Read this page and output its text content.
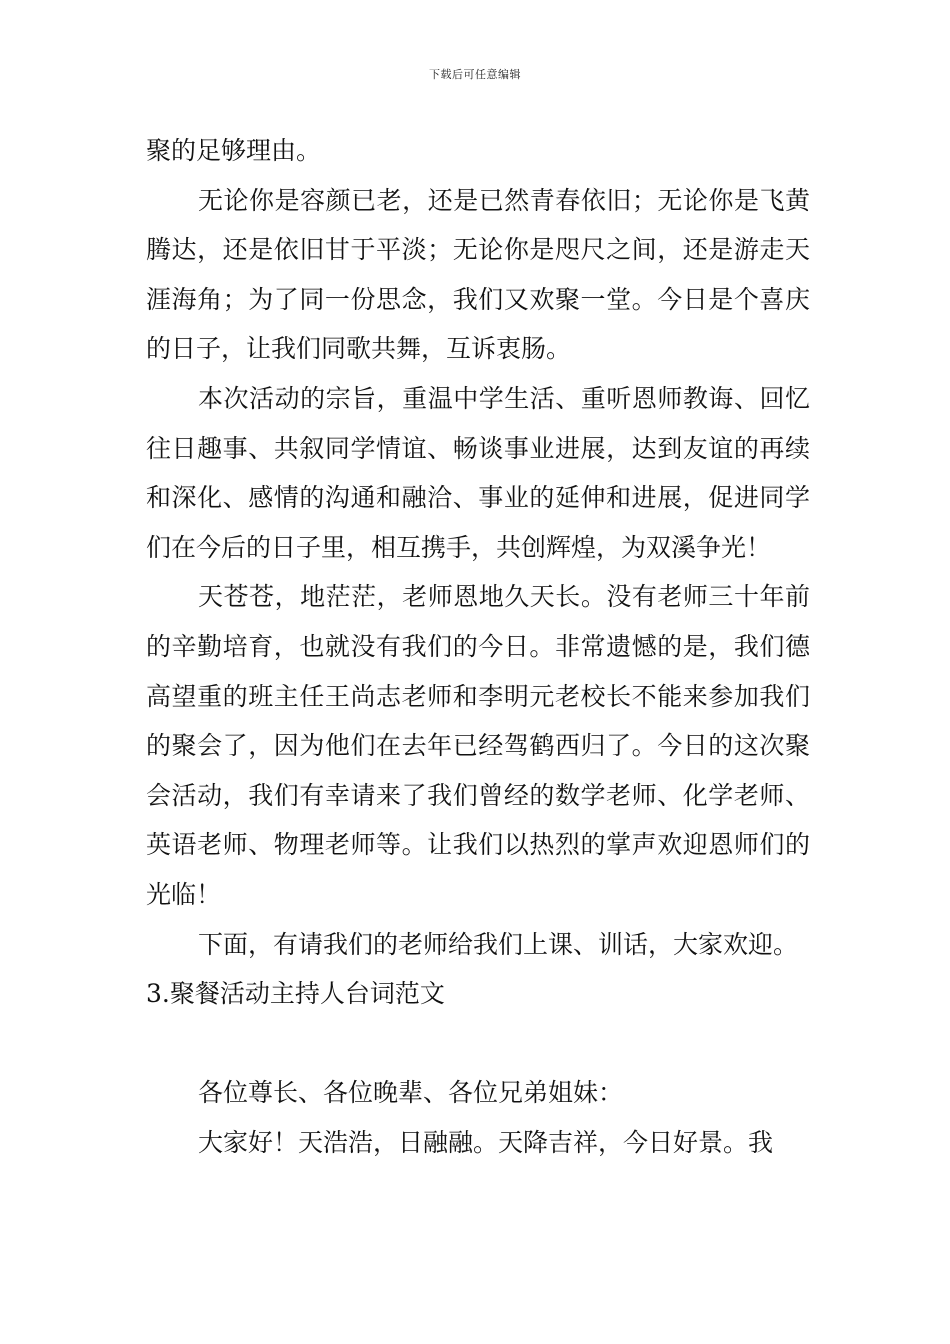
下载后可任意编辑

聚的足够理由。

无论你是容颜已老，还是已然青春依旧；无论你是飞黄腾达，还是依旧甘于平淡；无论你是咫尺之间，还是游走天涯海角；为了同一份思念，我们又欢聚一堂。今日是个喜庆的日子，让我们同歌共舞，互诉衷肠。

本次活动的宗旨，重温中学生活、重听恩师教诲、回忆往日趣事、共叙同学情谊、畅谈事业进展，达到友谊的再续和深化、感情的沟通和融洽、事业的延伸和进展，促进同学们在今后的日子里，相互携手，共创辉煌，为双溪争光！

天苍苍，地茫茫，老师恩地久天长。没有老师三十年前的辛勤培育，也就没有我们的今日。非常遗憾的是，我们德高望重的班主任王尚志老师和李明元老校长不能来参加我们的聚会了，因为他们在去年已经驾鹤西归了。今日的这次聚会活动，我们有幸请来了我们曾经的数学老师、化学老师、英语老师、物理老师等。让我们以热烈的掌声欢迎恩师们的光临！

下面，有请我们的老师给我们上课、训话，大家欢迎。

3.聚餐活动主持人台词范文

各位尊长、各位晚辈、各位兄弟姐妹：

大家好！天浩浩，日融融。天降吉祥，今日好景。我
